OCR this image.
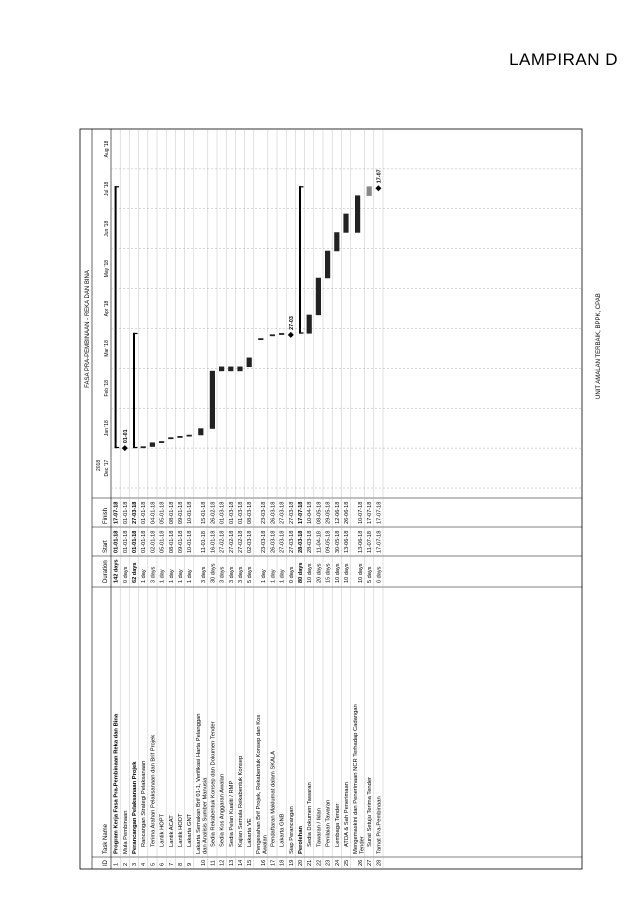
LAMPIRAN D
FASA PRA-PEMBINAAN - REKA DAN BINA
ID
Task Name
Duration
Start
Finish
2018 Dec '17
Jan '18
Feb '18
Mar '18
Apr '18
May '18
Jun '18
Jul '18
Aug '18
1
Program Kerja Fasa Pra-Pembinaan Reka dan Bina
142 days
01-01-18
17-07-18
2
Mula Pembinaan
0 days
01-01-18
01-01-18
3
Perancangan Pelaksanaan Projek
62 days
01-01-18
27-03-18
4
Rancangan Strategi Pelaksanaan
1 day
01-01-18
01-01-18
5
Terima Arahan Pelaksanaan dan Brif Projek
3 days
02-01-18
04-01-18
6
Lantik HOPT
1 day
05-01-18
05-01-18
7
Lantik ACAT
1 day
08-01-18
08-01-18
8
Lantik HODT
1 day
09-01-18
09-01-18
9
Lakarta GNT
1 day
10-01-18
10-01-18
10
Lakarta Semakan Brif 01-1, Verifikasi Harta Pelanggandan Analisis Sumber Manusia
3 days
11-01-18
15-01-18
11
Sedia Rekabentuk Konsep dan Dokumen Tender
30 days
16-01-18
26-02-18
12
Sedia Kos Anggaran Awalan
3 days
27-02-18
01-03-18
13
Sedia Pelan Kualiti / RMP
3 days
27-02-18
01-03-18
14
Kajian Semula Rekabentuk Konsep
3 days
27-02-18
01-03-18
15
Lakarta VE
5 days
02-03-18
08-03-18
16
Pengesahan Brif Projek, Rekabentuk Konsep dan KosAwalan
1 day
23-03-18
23-03-18
17
Pendaftaran Maklumat dalam SKALA
1 day
26-03-18
26-03-18
18
Lakarta GNB
1 day
27-03-18
27-03-18
19
Siap Perancangan
0 days
27-03-18
27-03-18
20
Perolehan
80 days
28-03-18
17-07-18
21
Sedia Dokumen Tawaran
10 days
28-03-18
10-04-18
22
Tawaran / Iklan
20 days
11-04-18
08-05-18
23
Penilaian Tawaran
15 days
09-05-18
29-05-18
24
Lembaga Tender
10 days
30-05-18
12-06-18
25
ATDA & Sah Penerimaan
10 days
13-06-18
26-06-18
26
Mengemaskini dan Penerimaan NCR Terhadap CadanganTender
10 days
13-06-18
10-07-18
27
Surat Setuju Terima Tender
5 days
11-07-18
17-07-18
28
Tamat Pra-Pembinaan
0 days
17-07-18
17-07-18
01-01
27-03
17-07
UNIT AMALAN TERBAIK, BPPK, CPAB
